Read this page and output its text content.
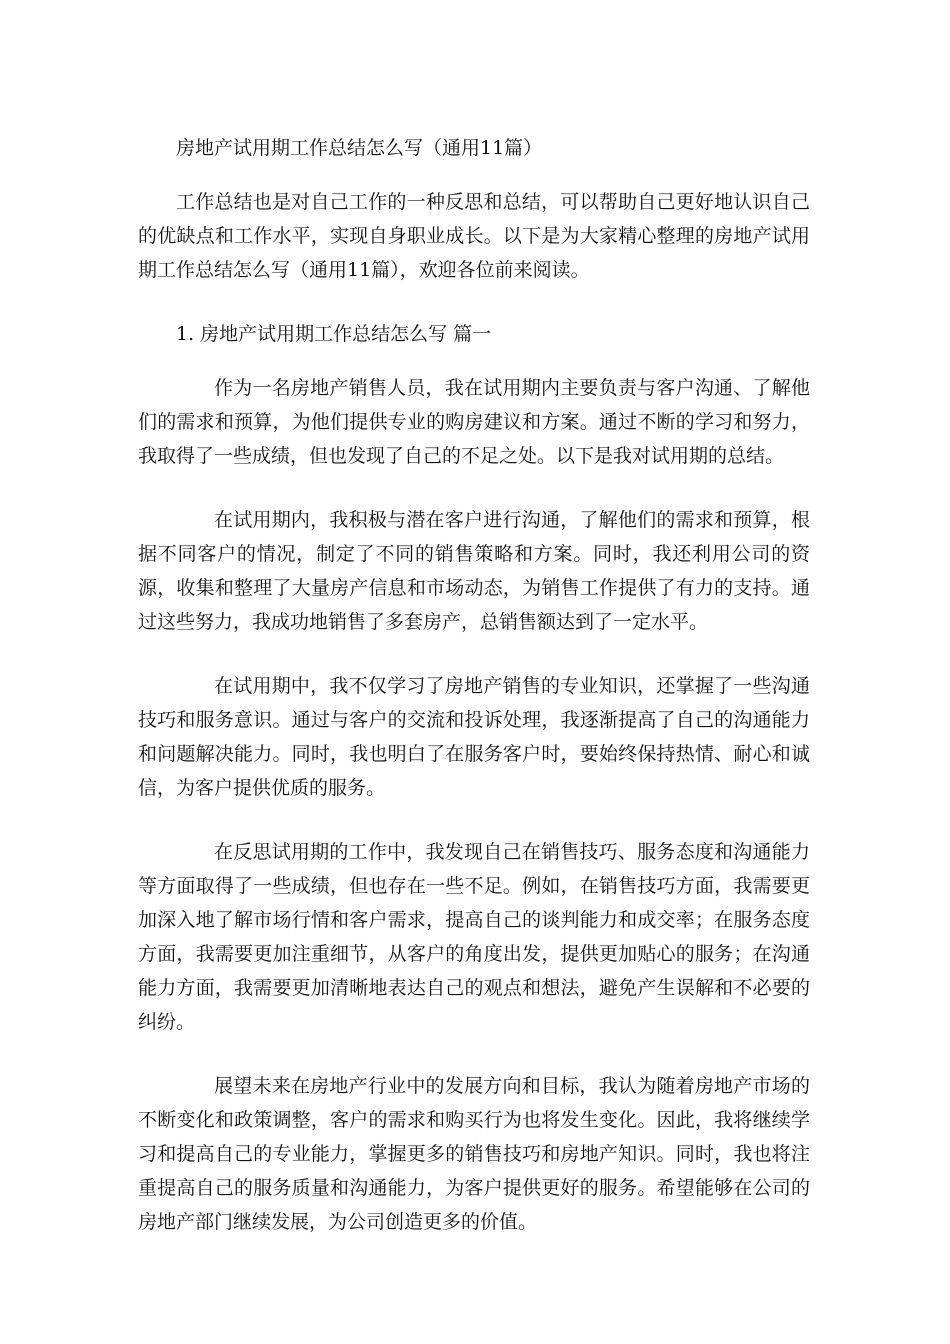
房地产试用期工作总结怎么写（通用11篇）

工作总结也是对自己工作的一种反思和总结，可以帮助自己更好地认识自己的优缺点和工作水平，实现自身职业成长。以下是为大家精心整理的房地产试用期工作总结怎么写（通用11篇），欢迎各位前来阅读。

1. 房地产试用期工作总结怎么写 篇一

作为一名房地产销售人员，我在试用期内主要负责与客户沟通、了解他们的需求和预算，为他们提供专业的购房建议和方案。通过不断的学习和努力，我取得了一些成绩，但也发现了自己的不足之处。以下是我对试用期的总结。

在试用期内，我积极与潜在客户进行沟通，了解他们的需求和预算，根据不同客户的情况，制定了不同的销售策略和方案。同时，我还利用公司的资源，收集和整理了大量房产信息和市场动态，为销售工作提供了有力的支持。通过这些努力，我成功地销售了多套房产，总销售额达到了一定水平。

在试用期中，我不仅学习了房地产销售的专业知识，还掌握了一些沟通技巧和服务意识。通过与客户的交流和投诉处理，我逐渐提高了自己的沟通能力和问题解决能力。同时，我也明白了在服务客户时，要始终保持热情、耐心和诚信，为客户提供优质的服务。

在反思试用期的工作中，我发现自己在销售技巧、服务态度和沟通能力等方面取得了一些成绩，但也存在一些不足。例如，在销售技巧方面，我需要更加深入地了解市场行情和客户需求，提高自己的谈判能力和成交率；在服务态度方面，我需要更加注重细节，从客户的角度出发，提供更加贴心的服务；在沟通能力方面，我需要更加清晰地表达自己的观点和想法，避免产生误解和不必要的纠纷。

展望未来在房地产行业中的发展方向和目标，我认为随着房地产市场的不断变化和政策调整，客户的需求和购买行为也将发生变化。因此，我将继续学习和提高自己的专业能力，掌握更多的销售技巧和房地产知识。同时，我也将注重提高自己的服务质量和沟通能力，为客户提供更好的服务。希望能够在公司的房地产部门继续发展，为公司创造更多的价值。
